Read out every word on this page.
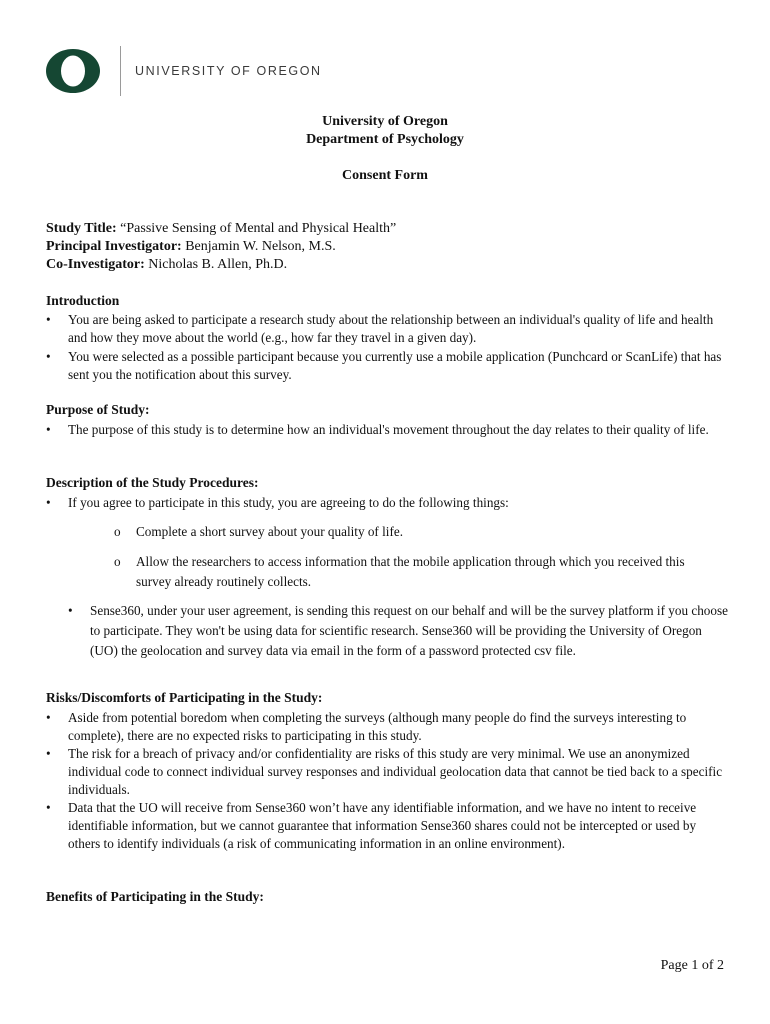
UNIVERSITY OF OREGON
University of Oregon
Department of Psychology
Consent Form
Study Title: “Passive Sensing of Mental and Physical Health”
Principal Investigator: Benjamin W. Nelson, M.S.
Co-Investigator: Nicholas B. Allen, Ph.D.
Introduction
•	You are being asked to participate a research study about the relationship between an individual's quality of life and health and how they move about the world (e.g., how far they travel in a given day).
•	You were selected as a possible participant because you currently use a mobile application (Punchcard or ScanLife) that has sent you the notification about this survey.
Purpose of Study:
•	The purpose of this study is to determine how an individual's movement throughout the day relates to their quality of life.
Description of the Study Procedures:
•	If you agree to participate in this study, you are agreeing to do the following things:
o	Complete a short survey about your quality of life.
o	Allow the researchers to access information that the mobile application through which you received this survey already routinely collects.
•	Sense360, under your user agreement, is sending this request on our behalf and will be the survey platform if you choose to participate. They won't be using data for scientific research. Sense360 will be providing the University of Oregon (UO) the geolocation and survey data via email in the form of a password protected csv file.
Risks/Discomforts of Participating in the Study:
•	Aside from potential boredom when completing the surveys (although many people do find the surveys interesting to complete), there are no expected risks to participating in this study.
•	The risk for a breach of privacy and/or confidentiality are risks of this study are very minimal. We use an anonymized individual code to connect individual survey responses and individual geolocation data that cannot be tied back to a specific individuals.
•	Data that the UO will receive from Sense360 won’t have any identifiable information, and we have no intent to receive identifiable information, but we cannot guarantee that information Sense360 shares could not be intercepted or used by others to identify individuals (a risk of communicating information in an online environment).
Benefits of Participating in the Study:
Page 1 of 2
